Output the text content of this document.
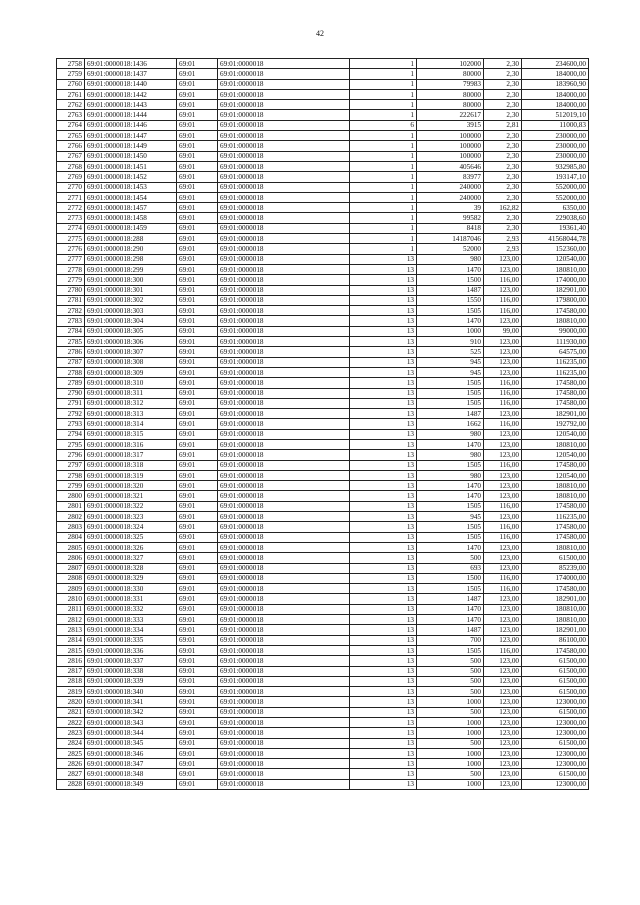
42
2758	69:01:0000018:1436	69:01	69:01:0000018	1	102000	2,30	234600,00
2759	69:01:0000018:1437	69:01	69:01:0000018	1	80000	2,30	184000,00
2760	69:01:0000018:1440	69:01	69:01:0000018	1	79983	2,30	183960,90
2761	69:01:0000018:1442	69:01	69:01:0000018	1	80000	2,30	184000,00
2762	69:01:0000018:1443	69:01	69:01:0000018	1	80000	2,30	184000,00
2763	69:01:0000018:1444	69:01	69:01:0000018	1	222617	2,30	512019,10
2764	69:01:0000018:1446	69:01	69:01:0000018	6	3915	2,81	11000,83
2765	69:01:0000018:1447	69:01	69:01:0000018	1	100000	2,30	230000,00
2766	69:01:0000018:1449	69:01	69:01:0000018	1	100000	2,30	230000,00
2767	69:01:0000018:1450	69:01	69:01:0000018	1	100000	2,30	230000,00
2768	69:01:0000018:1451	69:01	69:01:0000018	1	405646	2,30	932985,80
2769	69:01:0000018:1452	69:01	69:01:0000018	1	83977	2,30	193147,10
2770	69:01:0000018:1453	69:01	69:01:0000018	1	240000	2,30	552000,00
2771	69:01:0000018:1454	69:01	69:01:0000018	1	240000	2,30	552000,00
2772	69:01:0000018:1457	69:01	69:01:0000018	1	39	162,82	6350,00
2773	69:01:0000018:1458	69:01	69:01:0000018	1	99582	2,30	229038,60
2774	69:01:0000018:1459	69:01	69:01:0000018	1	8418	2,30	19361,40
2775	69:01:0000018:288	69:01	69:01:0000018	1	14187046	2,93	41568044,78
2776	69:01:0000018:290	69:01	69:01:0000018	1	52000	2,93	152360,00
2777	69:01:0000018:298	69:01	69:01:0000018	13	980	123,00	120540,00
2778	69:01:0000018:299	69:01	69:01:0000018	13	1470	123,00	180810,00
2779	69:01:0000018:300	69:01	69:01:0000018	13	1500	116,00	174000,00
2780	69:01:0000018:301	69:01	69:01:0000018	13	1487	123,00	182901,00
2781	69:01:0000018:302	69:01	69:01:0000018	13	1550	116,00	179800,00
2782	69:01:0000018:303	69:01	69:01:0000018	13	1505	116,00	174580,00
2783	69:01:0000018:304	69:01	69:01:0000018	13	1470	123,00	180810,00
2784	69:01:0000018:305	69:01	69:01:0000018	13	1000	99,00	99000,00
2785	69:01:0000018:306	69:01	69:01:0000018	13	910	123,00	111930,00
2786	69:01:0000018:307	69:01	69:01:0000018	13	525	123,00	64575,00
2787	69:01:0000018:308	69:01	69:01:0000018	13	945	123,00	116235,00
2788	69:01:0000018:309	69:01	69:01:0000018	13	945	123,00	116235,00
2789	69:01:0000018:310	69:01	69:01:0000018	13	1505	116,00	174580,00
2790	69:01:0000018:311	69:01	69:01:0000018	13	1505	116,00	174580,00
2791	69:01:0000018:312	69:01	69:01:0000018	13	1505	116,00	174580,00
2792	69:01:0000018:313	69:01	69:01:0000018	13	1487	123,00	182901,00
2793	69:01:0000018:314	69:01	69:01:0000018	13	1662	116,00	192792,00
2794	69:01:0000018:315	69:01	69:01:0000018	13	980	123,00	120540,00
2795	69:01:0000018:316	69:01	69:01:0000018	13	1470	123,00	180810,00
2796	69:01:0000018:317	69:01	69:01:0000018	13	980	123,00	120540,00
2797	69:01:0000018:318	69:01	69:01:0000018	13	1505	116,00	174580,00
2798	69:01:0000018:319	69:01	69:01:0000018	13	980	123,00	120540,00
2799	69:01:0000018:320	69:01	69:01:0000018	13	1470	123,00	180810,00
2800	69:01:0000018:321	69:01	69:01:0000018	13	1470	123,00	180810,00
2801	69:01:0000018:322	69:01	69:01:0000018	13	1505	116,00	174580,00
2802	69:01:0000018:323	69:01	69:01:0000018	13	945	123,00	116235,00
2803	69:01:0000018:324	69:01	69:01:0000018	13	1505	116,00	174580,00
2804	69:01:0000018:325	69:01	69:01:0000018	13	1505	116,00	174580,00
2805	69:01:0000018:326	69:01	69:01:0000018	13	1470	123,00	180810,00
2806	69:01:0000018:327	69:01	69:01:0000018	13	500	123,00	61500,00
2807	69:01:0000018:328	69:01	69:01:0000018	13	693	123,00	85239,00
2808	69:01:0000018:329	69:01	69:01:0000018	13	1500	116,00	174000,00
2809	69:01:0000018:330	69:01	69:01:0000018	13	1505	116,00	174580,00
2810	69:01:0000018:331	69:01	69:01:0000018	13	1487	123,00	182901,00
2811	69:01:0000018:332	69:01	69:01:0000018	13	1470	123,00	180810,00
2812	69:01:0000018:333	69:01	69:01:0000018	13	1470	123,00	180810,00
2813	69:01:0000018:334	69:01	69:01:0000018	13	1487	123,00	182901,00
2814	69:01:0000018:335	69:01	69:01:0000018	13	700	123,00	86100,00
2815	69:01:0000018:336	69:01	69:01:0000018	13	1505	116,00	174580,00
2816	69:01:0000018:337	69:01	69:01:0000018	13	500	123,00	61500,00
2817	69:01:0000018:338	69:01	69:01:0000018	13	500	123,00	61500,00
2818	69:01:0000018:339	69:01	69:01:0000018	13	500	123,00	61500,00
2819	69:01:0000018:340	69:01	69:01:0000018	13	500	123,00	61500,00
2820	69:01:0000018:341	69:01	69:01:0000018	13	1000	123,00	123000,00
2821	69:01:0000018:342	69:01	69:01:0000018	13	500	123,00	61500,00
2822	69:01:0000018:343	69:01	69:01:0000018	13	1000	123,00	123000,00
2823	69:01:0000018:344	69:01	69:01:0000018	13	1000	123,00	123000,00
2824	69:01:0000018:345	69:01	69:01:0000018	13	500	123,00	61500,00
2825	69:01:0000018:346	69:01	69:01:0000018	13	1000	123,00	123000,00
2826	69:01:0000018:347	69:01	69:01:0000018	13	1000	123,00	123000,00
2827	69:01:0000018:348	69:01	69:01:0000018	13	500	123,00	61500,00
2828	69:01:0000018:349	69:01	69:01:0000018	13	1000	123,00	123000,00
